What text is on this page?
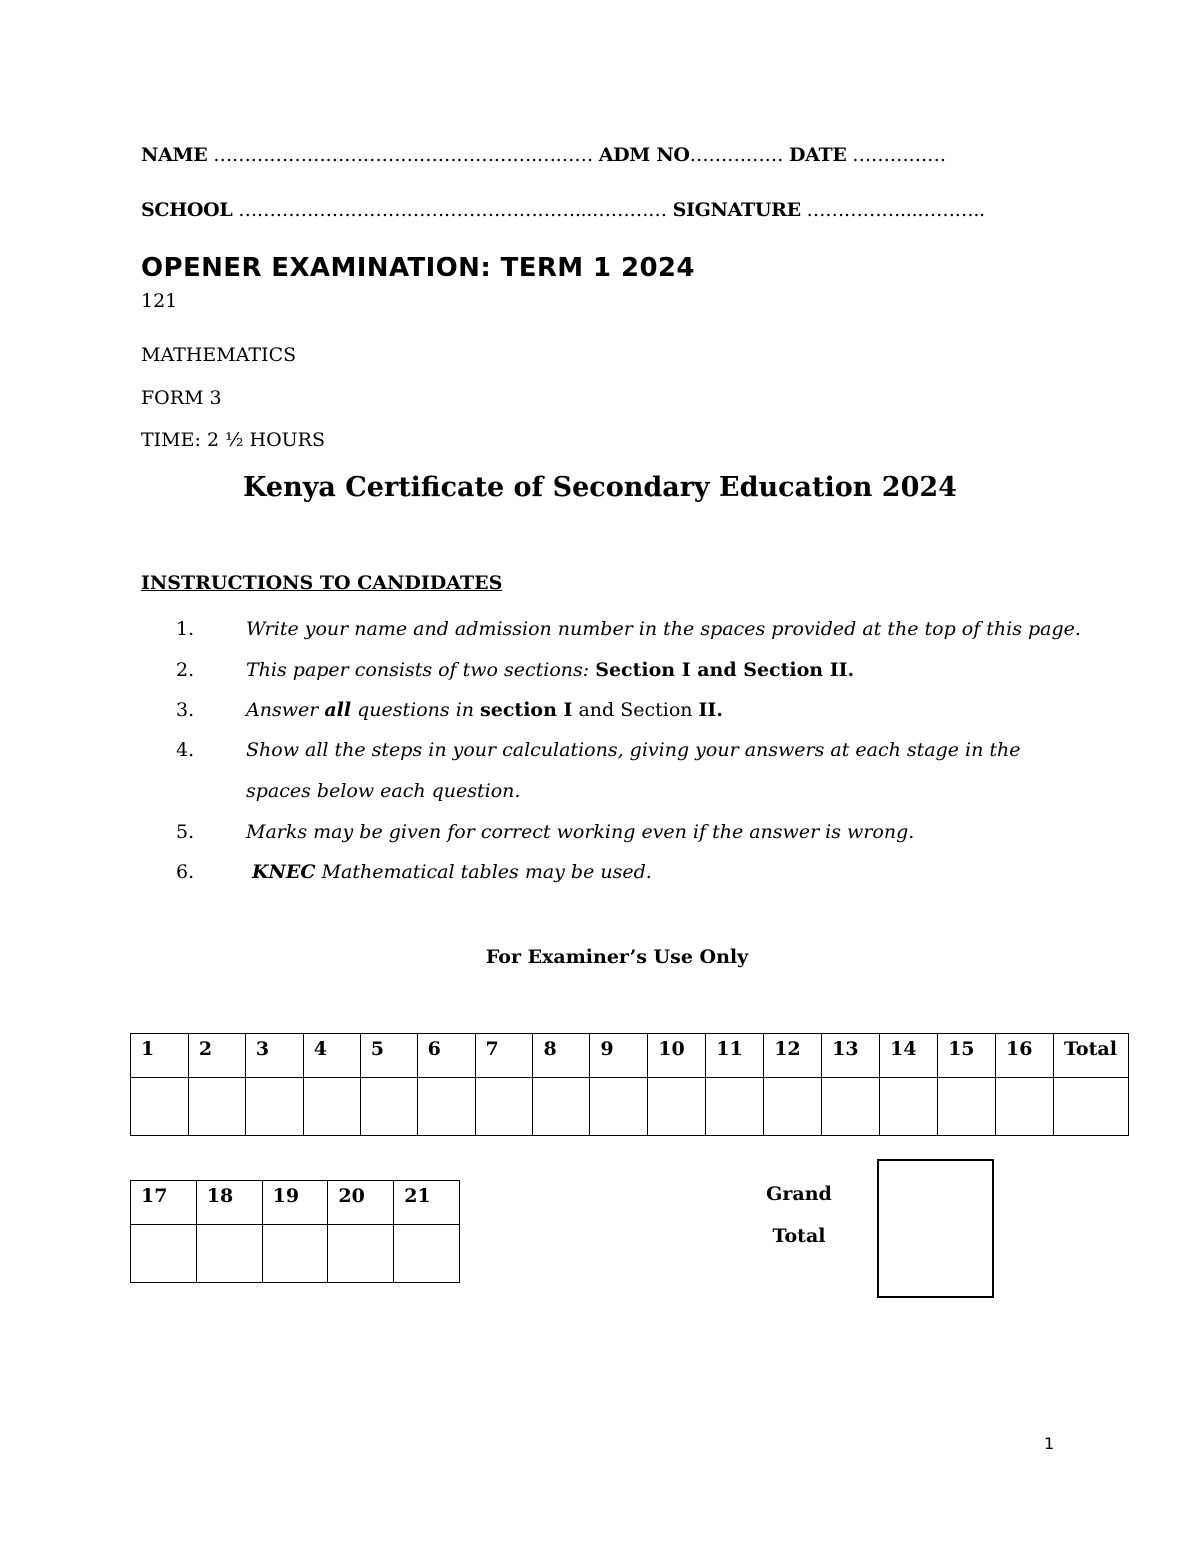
NAME …………………………………………….……… ADM NO…………… DATE ……………
SCHOOL ………………………………………………...………… SIGNATURE ……………...………..
OPENER EXAMINATION: TERM 1 2024
121
MATHEMATICS
FORM 3
TIME: 2 ½ HOURS
Kenya Certificate of Secondary Education 2024
INSTRUCTIONS TO CANDIDATES
1.	Write your name and admission number in the spaces provided at the top of this page.
2.	This paper consists of two sections: Section I and Section II.
3.	Answer all questions in section I and Section II.
4.	Show all the steps in your calculations, giving your answers at each stage in the
spaces below each question.
5.	Marks may be given for correct working even if the answer is wrong.
6.	KNEC Mathematical tables may be used.
For Examiner’s Use Only
1	2	3	4	5	6	7	8	9	10	11	12	13	14	15	16	Total

17	18	19	20	21
					Grand
Total
1
